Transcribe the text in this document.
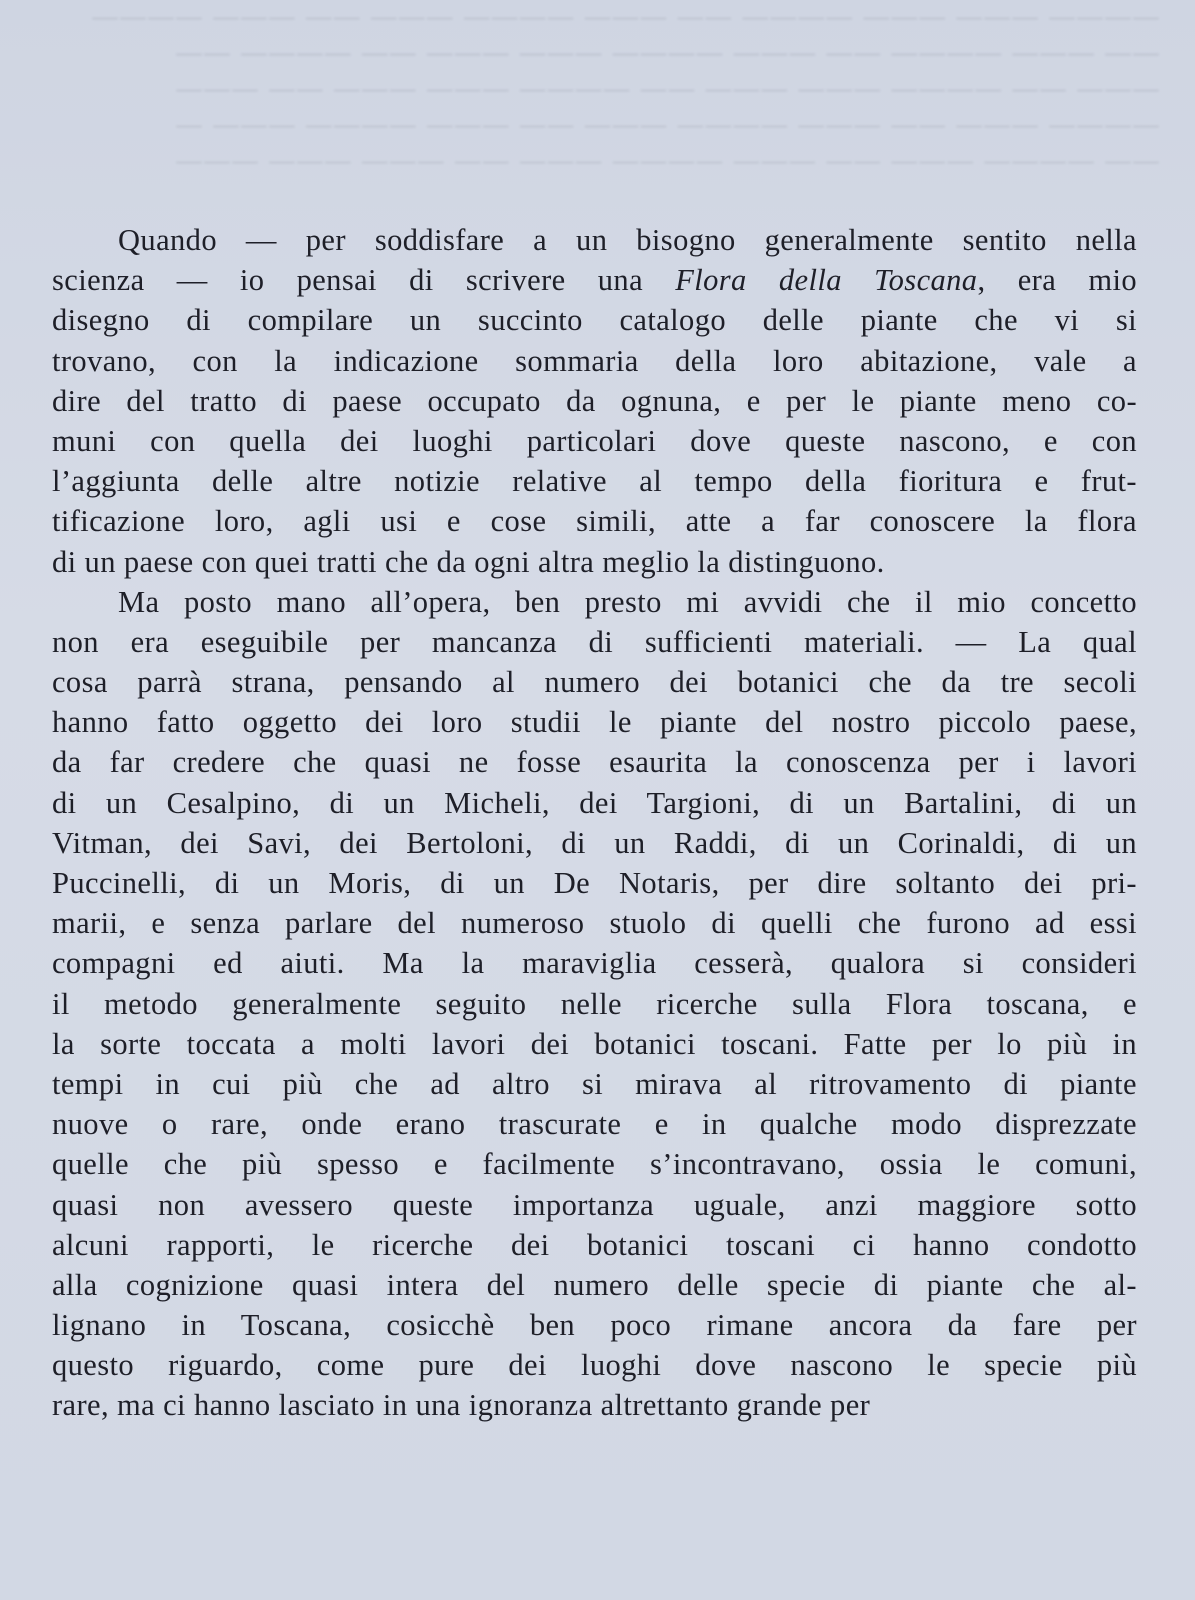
———— ——— ——— ———— —— ——— ———— ——— —— ——— ————
—— ——— ———— —— ——— ———— ——— ——— —— ———— ——
——— —— ———— ——— ——— —— ———— ——— ——— —— ———
———— ——— —— ——— ———— ——— —— ——— ———— ——— —
—— ———— ——— —— ——— ———— ——— —— ——— ——— ———
Quando — per soddisfare a un bisogno generalmente sentito nella
scienza — io pensai di scrivere una Flora della Toscana, era mio
disegno di compilare un succinto catalogo delle piante che vi si
trovano, con la indicazione sommaria della loro abitazione, vale a
dire del tratto di paese occupato da ognuna, e per le piante meno co-
muni con quella dei luoghi particolari dove queste nascono, e con
l’aggiunta delle altre notizie relative al tempo della fioritura e frut-
tificazione loro, agli usi e cose simili, atte a far conoscere la flora
di un paese con quei tratti che da ogni altra meglio la distinguono.
Ma posto mano all’opera, ben presto mi avvidi che il mio concetto
non era eseguibile per mancanza di sufficienti materiali. — La qual
cosa parrà strana, pensando al numero dei botanici che da tre secoli
hanno fatto oggetto dei loro studii le piante del nostro piccolo paese,
da far credere che quasi ne fosse esaurita la conoscenza per i lavori
di un Cesalpino, di un Micheli, dei Targioni, di un Bartalini, di un
Vitman, dei Savi, dei Bertoloni, di un Raddi, di un Corinaldi, di un
Puccinelli, di un Moris, di un De Notaris, per dire soltanto dei pri-
marii, e senza parlare del numeroso stuolo di quelli che furono ad essi
compagni ed aiuti. Ma la maraviglia cesserà, qualora si consideri
il metodo generalmente seguito nelle ricerche sulla Flora toscana, e
la sorte toccata a molti lavori dei botanici toscani. Fatte per lo più in
tempi in cui più che ad altro si mirava al ritrovamento di piante
nuove o rare, onde erano trascurate e in qualche modo disprezzate
quelle che più spesso e facilmente s’incontravano, ossia le comuni,
quasi non avessero queste importanza uguale, anzi maggiore sotto
alcuni rapporti, le ricerche dei botanici toscani ci hanno condotto
alla cognizione quasi intera del numero delle specie di piante che al-
lignano in Toscana, cosicchè ben poco rimane ancora da fare per
questo riguardo, come pure dei luoghi dove nascono le specie più
rare, ma ci hanno lasciato in una ignoranza altrettanto grande per
